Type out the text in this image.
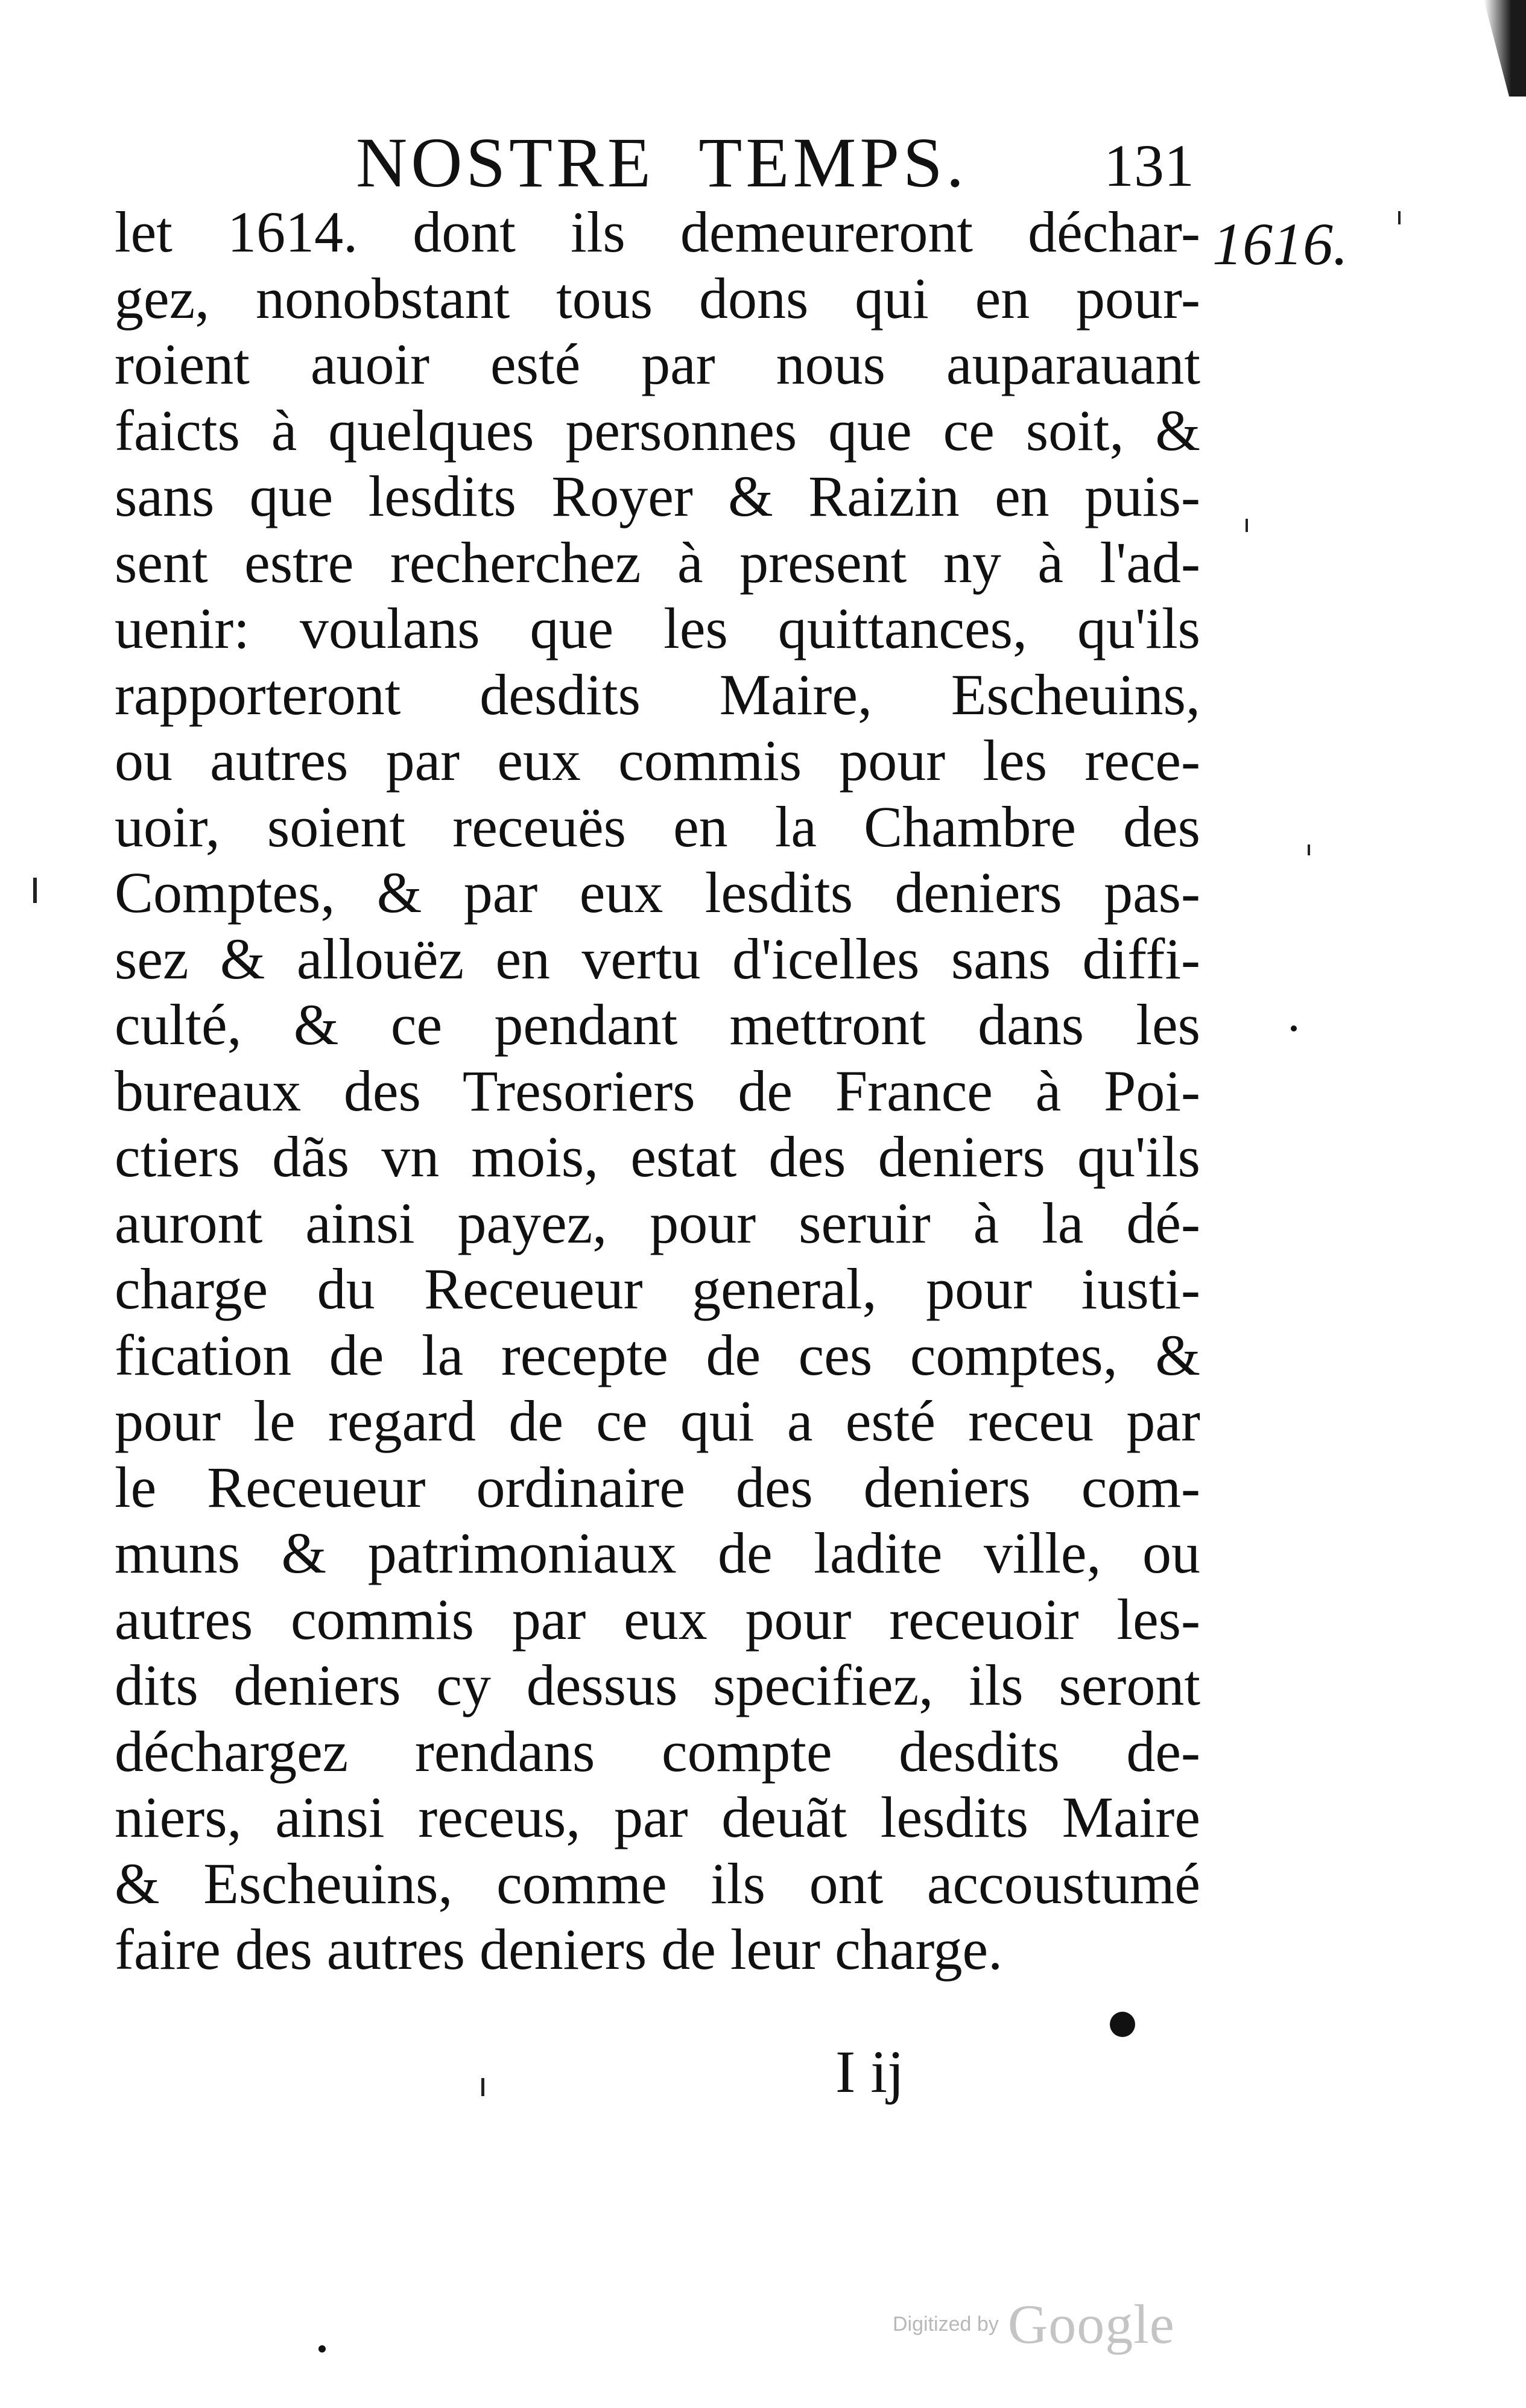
NOSTRE TEMPS. 131
1616.
let 1614. dont ils demeureront déchar-
gez, nonobstant tous dons qui en pour-
roient auoir esté par nous auparauant
faicts à quelques personnes que ce soit, &
sans que lesdits Royer & Raizin en puis-
sent estre recherchez à present ny à l'ad-
uenir: voulans que les quittances, qu'ils
rapporteront desdits Maire, Escheuins,
ou autres par eux commis pour les rece-
uoir, soient receuës en la Chambre des
Comptes, & par eux lesdits deniers pas-
sez & allouëz en vertu d'icelles sans diffi-
culté, & ce pendant mettront dans les
bureaux des Tresoriers de France à Poi-
ctiers dãs vn mois, estat des deniers qu'ils
auront ainsi payez, pour seruir à la dé-
charge du Receueur general, pour iusti-
fication de la recepte de ces comptes, &
pour le regard de ce qui a esté receu par
le Receueur ordinaire des deniers com-
muns & patrimoniaux de ladite ville, ou
autres commis par eux pour receuoir les-
dits deniers cy dessus specifiez, ils seront
déchargez rendans compte desdits de-
niers, ainsi receus, par deuãt lesdits Maire
& Escheuins, comme ils ont accoustumé
faire des autres deniers de leur charge.
I ij
Digitized by Google
